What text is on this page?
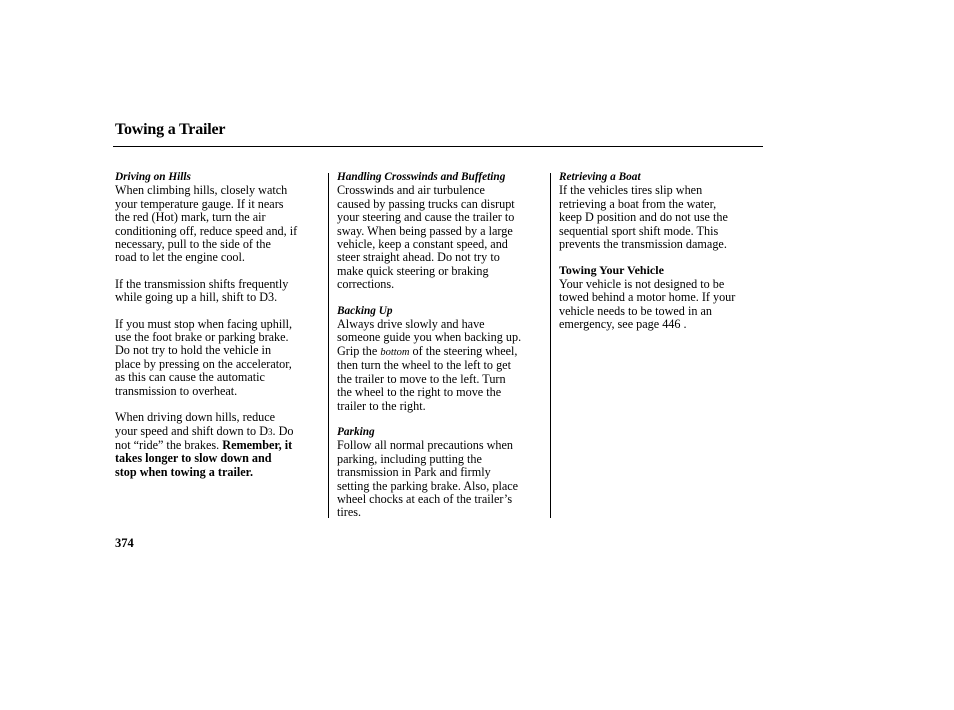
Towing a Trailer
Driving on Hills

When climbing hills, closely watch
your temperature gauge. If it nears
the red (Hot) mark, turn the air
conditioning off, reduce speed and, if
necessary, pull to the side of the
road to let the engine cool.

If the transmission shifts frequently
while going up a hill, shift to D3.

If you must stop when facing uphill,
use the foot brake or parking brake.
Do not try to hold the vehicle in
place by pressing on the accelerator,
as this can cause the automatic
transmission to overheat.

When driving down hills, reduce
your speed and shift down to D3. Do
not “ride” the brakes. Remember, it
takes longer to slow down and
stop when towing a trailer.

Handling Crosswinds and Buffeting

Crosswinds and air turbulence
caused by passing trucks can disrupt
your steering and cause the trailer to
sway. When being passed by a large
vehicle, keep a constant speed, and
steer straight ahead. Do not try to
make quick steering or braking
corrections.

Backing Up

Always drive slowly and have
someone guide you when backing up.
Grip the bottom of the steering wheel,
then turn the wheel to the left to get
the trailer to move to the left. Turn
the wheel to the right to move the
trailer to the right.

Parking

Follow all normal precautions when
parking, including putting the
transmission in Park and firmly
setting the parking brake. Also, place
wheel chocks at each of the trailer’s
tires.

Retrieving a Boat

If the vehicles tires slip when
retrieving a boat from the water,
keep D position and do not use the
sequential sport shift mode. This
prevents the transmission damage.

Towing Your Vehicle

Your vehicle is not designed to be
towed behind a motor home. If your
vehicle needs to be towed in an
emergency, see page 446 .

374
